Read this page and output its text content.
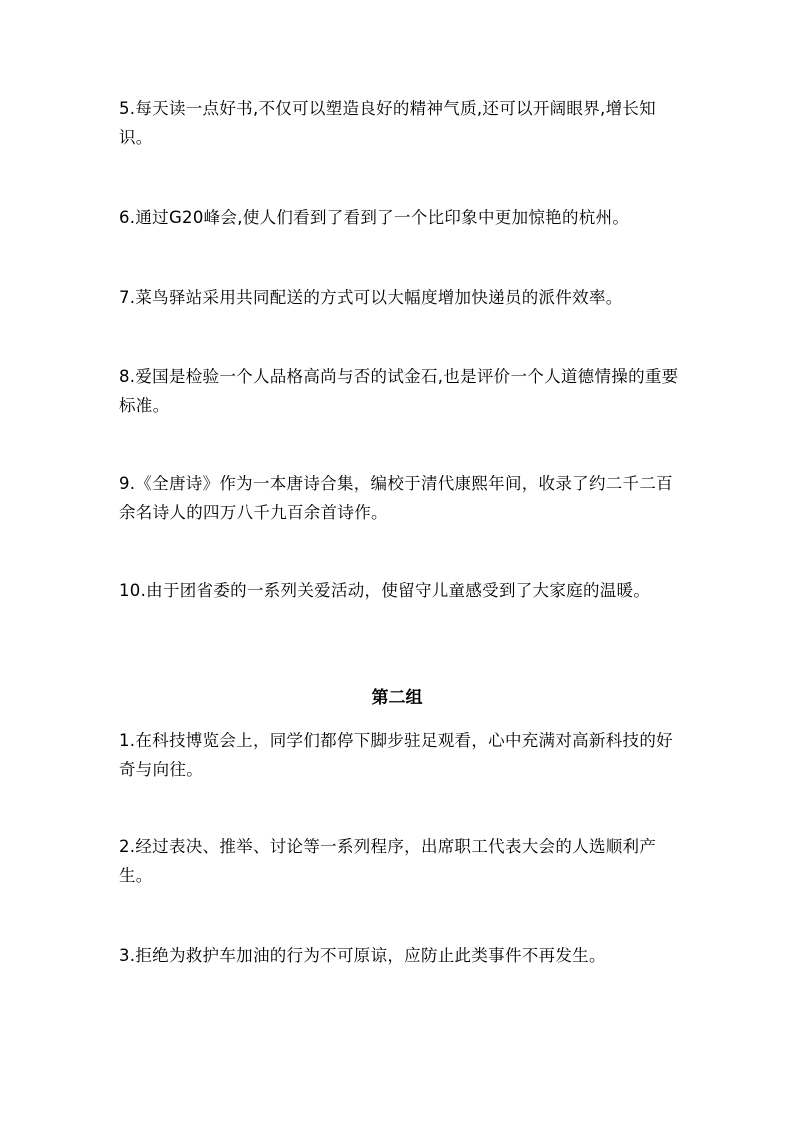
5.每天读一点好书,不仅可以塑造良好的精神气质,还可以开阔眼界,增长知识。

6.通过G20峰会,使人们看到了看到了一个比印象中更加惊艳的杭州。

7.菜鸟驿站采用共同配送的方式可以大幅度增加快递员的派件效率。

8.爱国是检验一个人品格高尚与否的试金石,也是评价一个人道德情操的重要标准。

9.《全唐诗》作为一本唐诗合集，编校于清代康熙年间，收录了约二千二百余名诗人的四万八千九百余首诗作。

10.由于团省委的一系列关爱活动，使留守儿童感受到了大家庭的温暖。

第二组

1.在科技博览会上，同学们都停下脚步驻足观看，心中充满对高新科技的好奇与向往。

2.经过表决、推举、讨论等一系列程序，出席职工代表大会的人选顺利产生。

3.拒绝为救护车加油的行为不可原谅，应防止此类事件不再发生。
